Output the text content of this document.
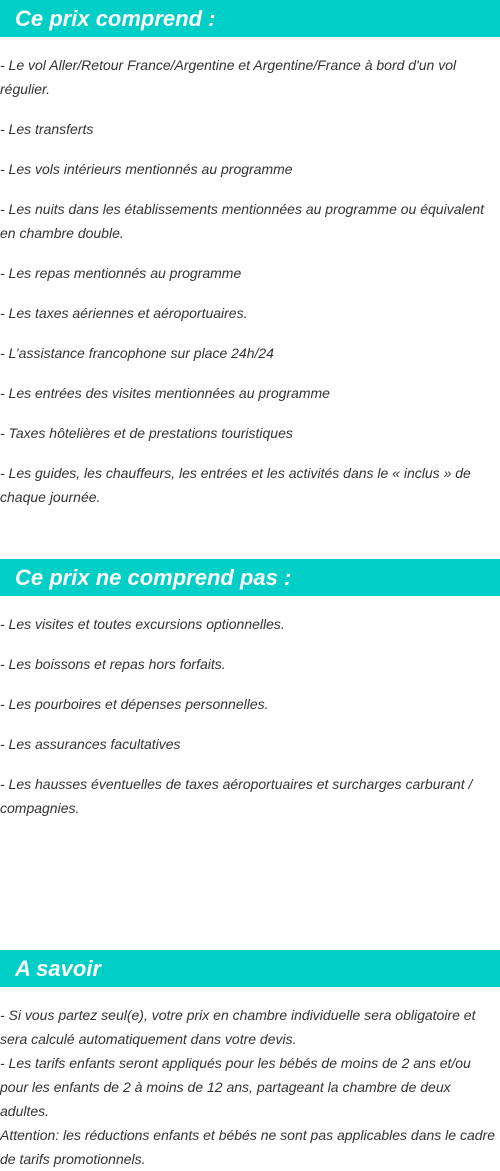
Ce prix comprend :

- Le vol Aller/Retour France/Argentine et Argentine/France à bord d'un vol régulier.

- Les transferts

- Les vols intérieurs mentionnés au programme

- Les nuits dans les établissements mentionnées au programme ou équivalent en chambre double.

- Les repas mentionnés au programme

- Les taxes aériennes et aéroportuaires.

- L’assistance francophone sur place 24h/24

- Les entrées des visites mentionnées au programme

- Taxes hôtelières et de prestations touristiques

- Les guides, les chauffeurs, les entrées et les activités dans le « inclus » de chaque journée.

Ce prix ne comprend pas :

- Les visites et toutes excursions optionnelles.

- Les boissons et repas hors forfaits.

- Les pourboires et dépenses personnelles.

- Les assurances facultatives

- Les hausses éventuelles de taxes aéroportuaires et surcharges carburant / compagnies.

A savoir

- Si vous partez seul(e), votre prix en chambre individuelle sera obligatoire et sera calculé automatiquement dans votre devis.

- Les tarifs enfants seront appliqués pour les bébés de moins de 2 ans et/ou pour les enfants de 2 à moins de 12 ans, partageant la chambre de deux adultes.

Attention: les réductions enfants et bébés ne sont pas applicables dans le cadre de tarifs promotionnels.
